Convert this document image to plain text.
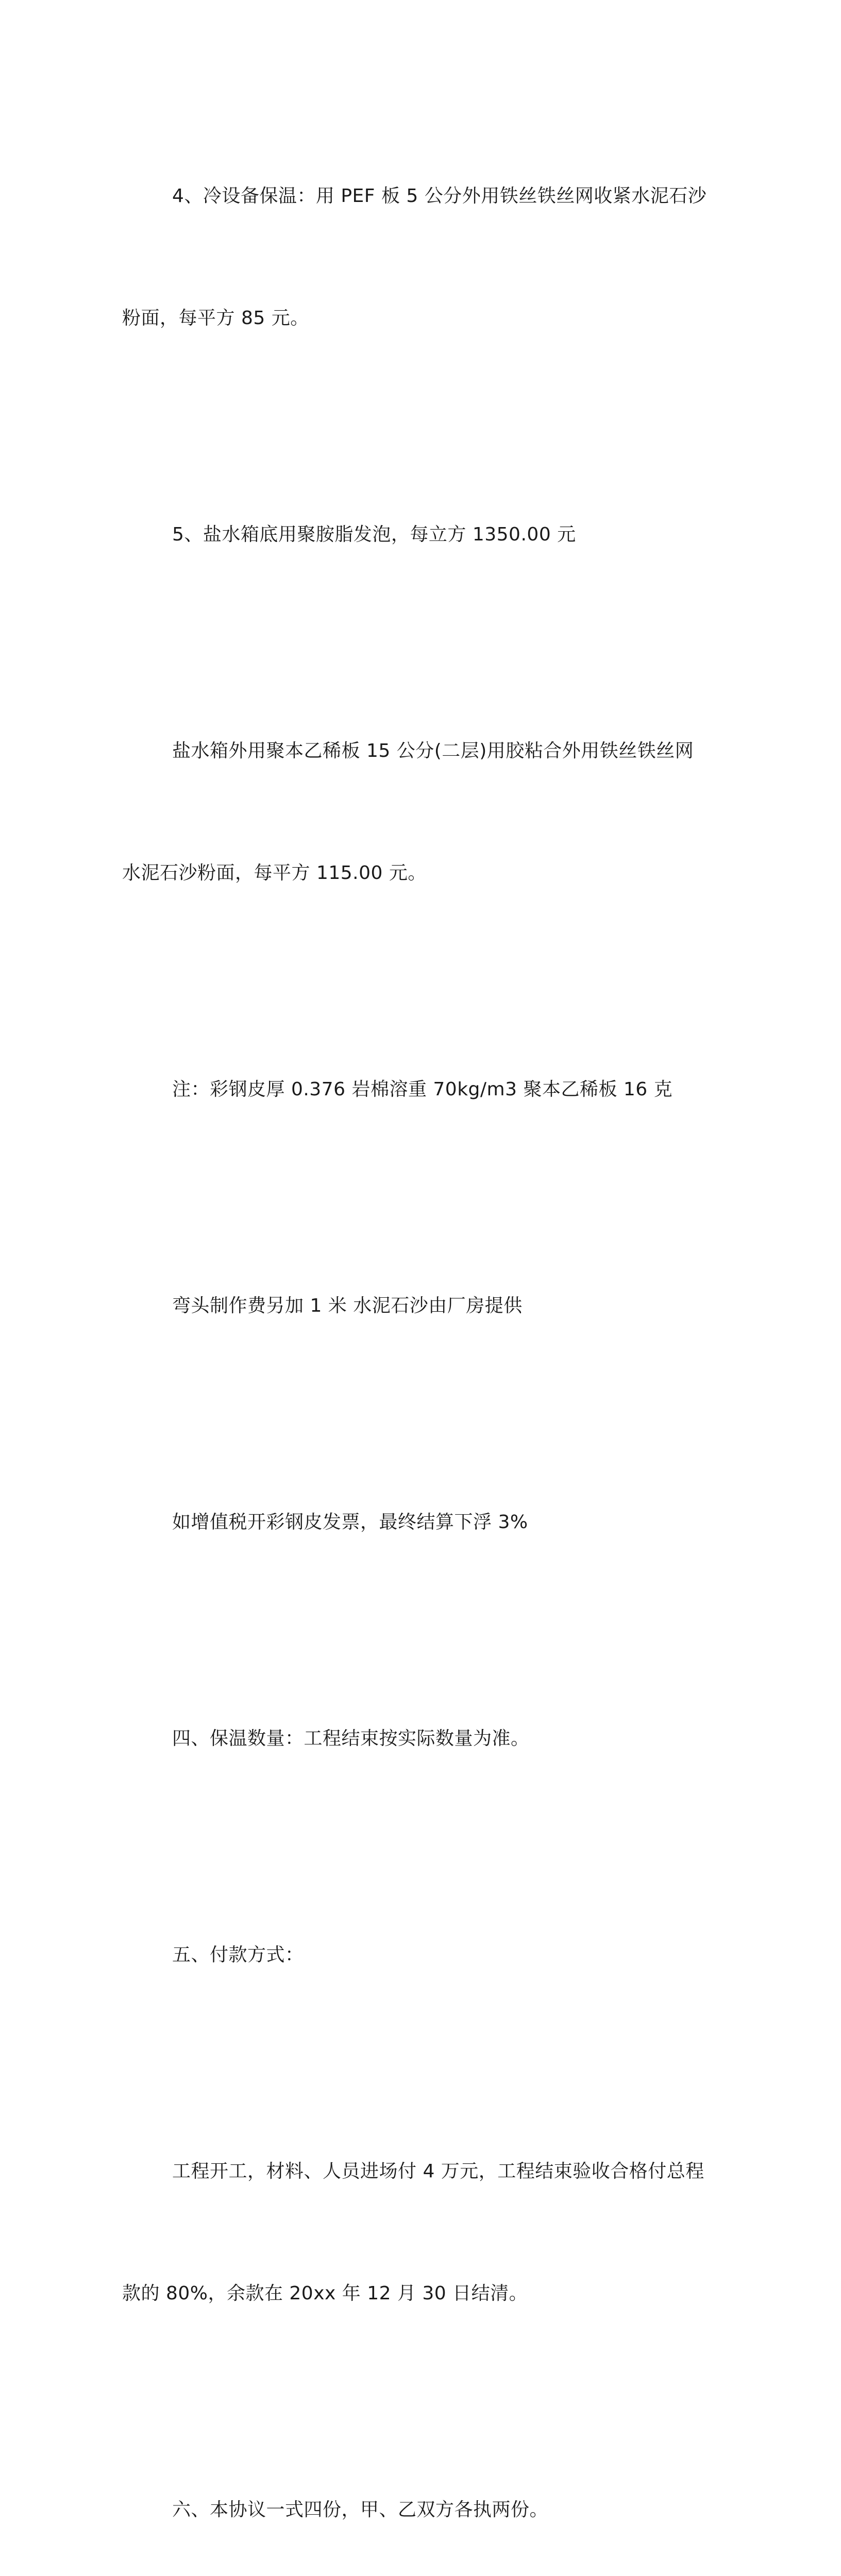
4、冷设备保温：用 PEF 板 5 公分外用铁丝铁丝网收紧水泥石沙

粉面，每平方 85 元。

5、盐水箱底用聚胺脂发泡，每立方 1350.00 元

盐水箱外用聚本乙稀板 15 公分(二层)用胶粘合外用铁丝铁丝网

水泥石沙粉面，每平方 115.00 元。

注：彩钢皮厚 0.376 岩棉溶重 70kg/m3 聚本乙稀板 16 克

弯头制作费另加 1 米 水泥石沙由厂房提供

如增值税开彩钢皮发票，最终结算下浮 3%

四、保温数量：工程结束按实际数量为准。

五、付款方式：

工程开工，材料、人员进场付 4 万元，工程结束验收合格付总程

款的 80%，余款在 20xx 年 12 月 30 日结清。

六、本协议一式四份，甲、乙双方各执两份。
